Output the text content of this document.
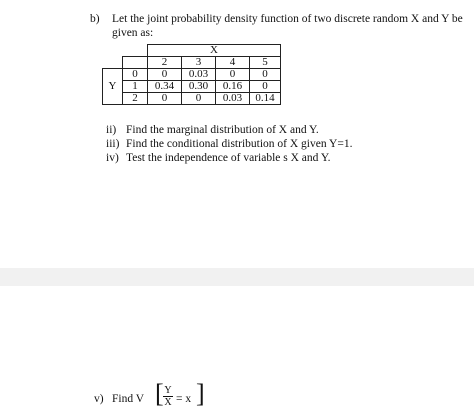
b) Let the joint probability density function of two discrete random X and Y be
given as:
		X			
		2	3	4	5
Y	0	0	0.03	0	0
	1	0.34	0.30	0.16	0
	2	0	0	0.03	0.14
ii) Find the marginal distribution of X and Y.
iii) Find the conditional distribution of X given Y=1.
iv) Test the independence of variable s X and Y.
v) Find V [ Y
X = x ]
